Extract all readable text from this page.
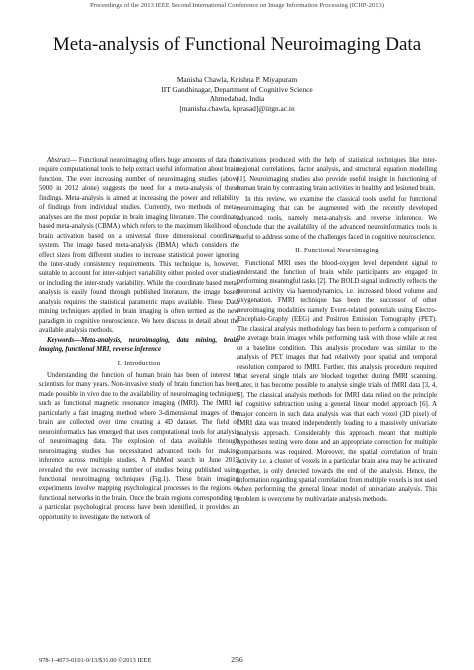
Proceedings of the 2013 IEEE Second International Conference on Image Information Processing (ICIIP-2013)
Meta-analysis of Functional Neuroimaging Data
Manisha Chawla, Krishna P. Miyapuram
IIT Gandhinagar, Department of Cognitive Science
Ahmedabad, India
[manisha.chawla, kprasad]@iitgn.ac.in

Abstract— Functional neuroimaging offers huge amounts of data that require computational tools to help extract useful information about brain function. The ever increasing number of neuroimaging studies (above 5000 in 2012 alone) suggests the need for a meta-analysis of these findings. Meta-analysis is aimed at increasing the power and reliability of findings from individual studies. Currently, two methods of meta-analyses are the most popular in brain imaging literature. The coordinate based meta-analysis (CBMA) which refers to the maximum likelihood of brain activation based on a universal three dimensional coordinate system. The image based meta-analysis (IBMA) which considers the effect sizes from different studies to increase statistical power ignoring the inter-study consistency requirements. This technique is, however, suitable to account for inter-subject variability either pooled over studies or including the inter-study variability. While the coordinate based meta-analysis is easily found through published literature, the image based analysis requires the statistical parametric maps available. These Data mining techniques applied in brain imaging is often termed as the new paradigm in cognitive neuroscience. We here discuss in detail about the available analysis methods.

Keywords—Meta-analysis, neuroimaging, data mining, brain imaging, functional MRI, reverse inference

I. Introduction

Understanding the function of human brain has been of interest to scientists for many years. Non-invasive study of brain function has been made possible in vivo due to the availability of neuroimaging techniques such as functional magnetic resonance imaging (fMRI). The fMRI is particularly a fast imaging method where 3-dimensional images of the brain are collected over time creating a 4D dataset. The field of neuroinformatics has emerged that uses computational tools for analysis of neuroimaging data. The explosion of data available through neuroimaging studies has necessitated advanced tools for making inference across multiple studies. A PubMed search in June 2013 revealed the ever increasing number of studies being published using functional neuroimaging techniques (Fig.1). These brain imaging experiments involve mapping psychological processes to the regions or functional networks in the brain. Once the brain regions corresponding to a particular psychological process have been identified, it provides an opportunity to investigate the network of

activations produced with the help of statistical techniques like inter-regional correlations, factor analysis, and structural equation modelling [1]. Neuroimaging studies also provide useful insight in functioning of human brain by contrasting brain activities in healthy and lesioned brain.

In this review, we examine the classical tools useful for functional neuroimaging that can be augmented with the recently developed advanced tools, namely meta-analysis and reverse inference. We conclude that the availability of the advanced neuroinformatics tools is useful to address some of the challenges faced in cognitive neuroscience.

II. Functional Neuroimaging

Functional MRI uses the blood-oxygen level dependent signal to understand the function of brain while participants are engaged in performing meaningful tasks [2]. The BOLD signal indirectly reflects the neuronal activity via haemodynamics, i.e. increased blood volume and oxygenation. FMRI technique has been the successor of other neuroimaging modalities namely Event-related potentials using Electro-Encephalo-Graphy (EEG) and Positron Emission Tomography (PET). The classical analysis methodology has been to perform a comparison of the average brain images while performing task with those while at rest or a baseline condition. This analysis procedure was similar to the analysis of PET images that had relatively poor spatial and temporal resolution compared to fMRI. Further, this analysis procedure required that several single trials are blocked together during fMRI scanning. Later, it has become possible to analyse single trials of fMRI data [3, 4, 5]. The classical analysis methods for fMRI data relied on the principle of cognitive subtraction using a general linear model approach [6]. A major concern in such data analysis was that each voxel (3D pixel) of fMRI data was treated independently leading to a massively univariate analysis approach. Considerably this approach meant that multiple hypotheses testing were done and an appropriate correction for multiple comparisons was required. Moreover, the spatial correlation of brain activity i.e. a cluster of voxels in a particular brain area may be activated together, is only detected towards the end of the analysis. Hence, the information regarding spatial correlation from multiple voxels is not used when performing the general linear model of univariate analysis. This problem is overcome by multivariate analysis methods.

978-1-4673-6101-9/13/$31.00 ©2013 IEEE	256
